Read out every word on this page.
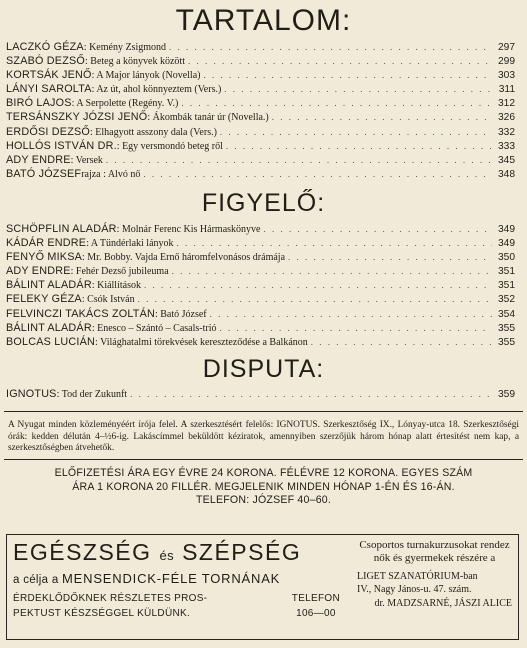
TARTALOM:
LACZKÓ GÉZA : Kemény Zsigmond . . .	297
SZABÓ DEZSŐ : Beteg a könyvek között . . .	299
KORTSÁK JENŐ : A Major lányok (Novella) . . .	303
LÁNYI SAROLTA : Az út, ahol könnyeztem (Vers.) . . .	311
BIRÓ LAJOS : A Serpolette (Regény. V.) . . .	312
TERSÁNSZKY JÓZSI JENŐ : Ákombák tanár úr (Novella.) . . .	326
ERDŐSI DEZSŐ : Elhagyott asszony dala (Vers.) . . .	332
HOLLÓS ISTVÁN DR. : Egy versmondó beteg ről . . .	333
ADY ENDRE : Versek . . .	345
BATÓ JÓZSEF rajza : Alvó nő . . .	348
FIGYELŐ:
SCHÖPFLIN ALADÁR : Molnár Ferenc Kis Hármaskönyve . . .	349
KÁDÁR ENDRE : A Tündérlaki lányok . . .	349
FENYŐ MIKSA : Mr. Bobby. Vajda Ernő háromfelvonásos drámája . . .	350
ADY ENDRE : Fehér Dezső jubileuma . . .	351
BÁLINT ALADÁR : Kiállítások . . .	351
FELEKY GÉZA : Csók István . . .	352
FELVINCZI TAKÁCS ZOLTÁN : Bató József . . .	354
BÁLINT ALADÁR : Enesco – Szántó – Casals-trió . . .	355
BOLCAS LUCIÁN : Világhatalmi törekvések kereszteződése a Balkánon . . .	355
DISPUTA:
IGNOTUS : Tod der Zukunft . . .	359

A Nyugat minden közleményéért írója felel. A szerkesztésért felelős: IGNOTUS. Szerkesztőség IX., Lónyay-utca 18. Szerkesztőségi órák: kedden délután 4–½6-ig. Lakáscímmel beküldött kéziratok, amennyiben szerzőjük három hónap alatt értesítést nem kap, a szerkesztőségben átvehetők.

ELŐFIZETÉSI ÁRA EGY ÉVRE 24 KORONA. FÉLÉVRE 12 KORONA. EGYES SZÁM
ÁRA 1 KORONA 20 FILLÉR. MEGJELENIK MINDEN HÓNAP 1-ÉN ÉS 16-ÁN.
TELEFON: JÓZSEF 40–60.
EGÉSZSÉG és SZÉPSÉG
a célja a MENSENDICK-FÉLE TORNÁNAK
ÉRDEKLŐDŐKNEK RÉSZLETES PROS-
PEKTUST KÉSZSÉGGEL KÜLDÜNK.
TELEFON
106—00
Csoportos turnakurzusokat rendez nők és gyermekek részére a
LIGET SZANATÓRIUM-ban
IV., Nagy János-u. 47. szám.
dr. MADZSARNÉ, JÁSZI ALICE
